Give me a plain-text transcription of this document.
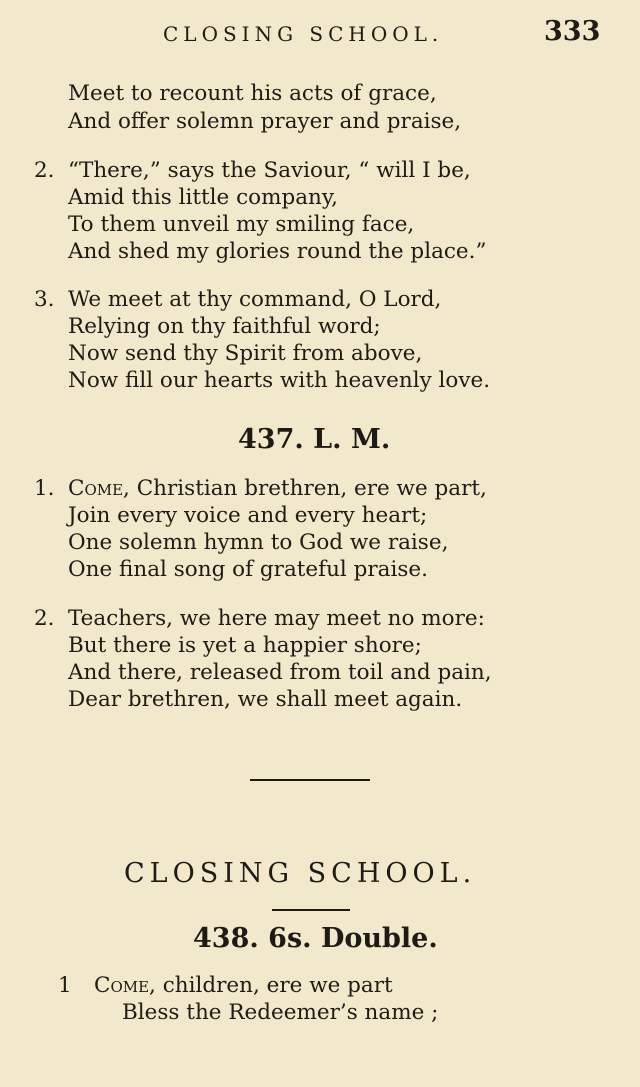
CLOSING SCHOOL.	333
Meet to recount his acts of grace,
And offer solemn prayer and praise,
2. “There,” says the Saviour, “ will I be,
Amid this little company,
To them unveil my smiling face,
And shed my glories round the place.”
3. We meet at thy command, O Lord,
Relying on thy faithful word;
Now send thy Spirit from above,
Now fill our hearts with heavenly love.
437. L. M.
1. Come, Christian brethren, ere we part,
Join every voice and every heart;
One solemn hymn to God we raise,
One final song of grateful praise.
2. Teachers, we here may meet no more:
But there is yet a happier shore;
And there, released from toil and pain,
Dear brethren, we shall meet again.
CLOSING SCHOOL.
438. 6s. Double.
1 Come, children, ere we part
Bless the Redeemer’s name ;
